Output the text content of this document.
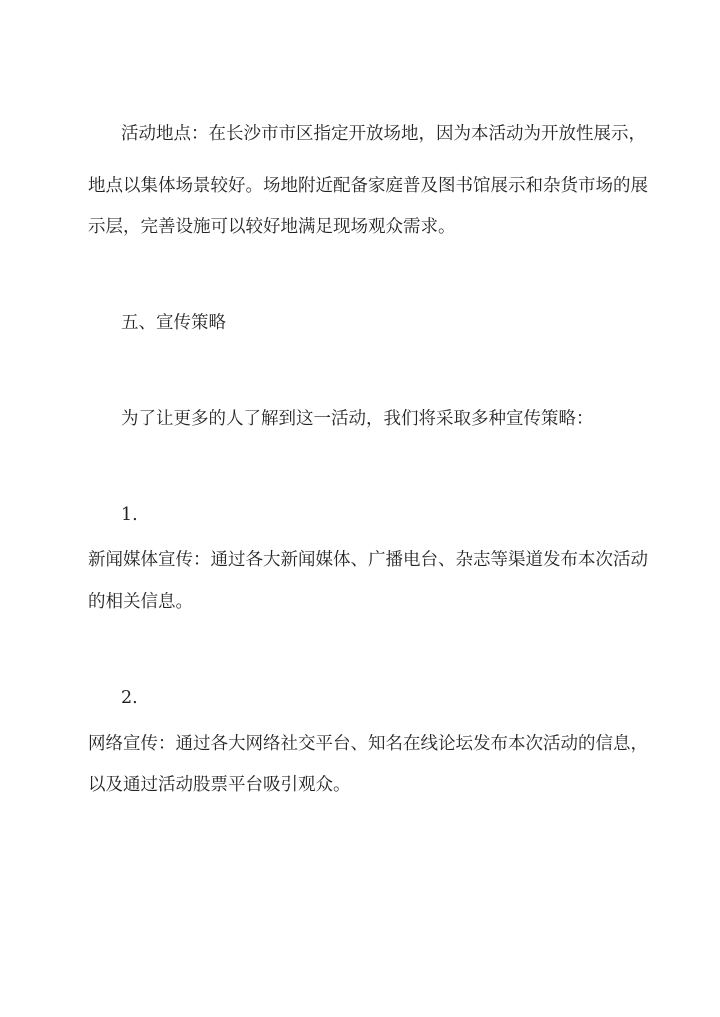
活动地点：在长沙市市区指定开放场地，因为本活动为开放性展示，
地点以集体场景较好。场地附近配备家庭普及图书馆展示和杂货市场的展
示层，完善设施可以较好地满足现场观众需求。
五、宣传策略
为了让更多的人了解到这一活动，我们将采取多种宣传策略：
1.
新闻媒体宣传：通过各大新闻媒体、广播电台、杂志等渠道发布本次活动
的相关信息。
2.
网络宣传：通过各大网络社交平台、知名在线论坛发布本次活动的信息，
以及通过活动股票平台吸引观众。
